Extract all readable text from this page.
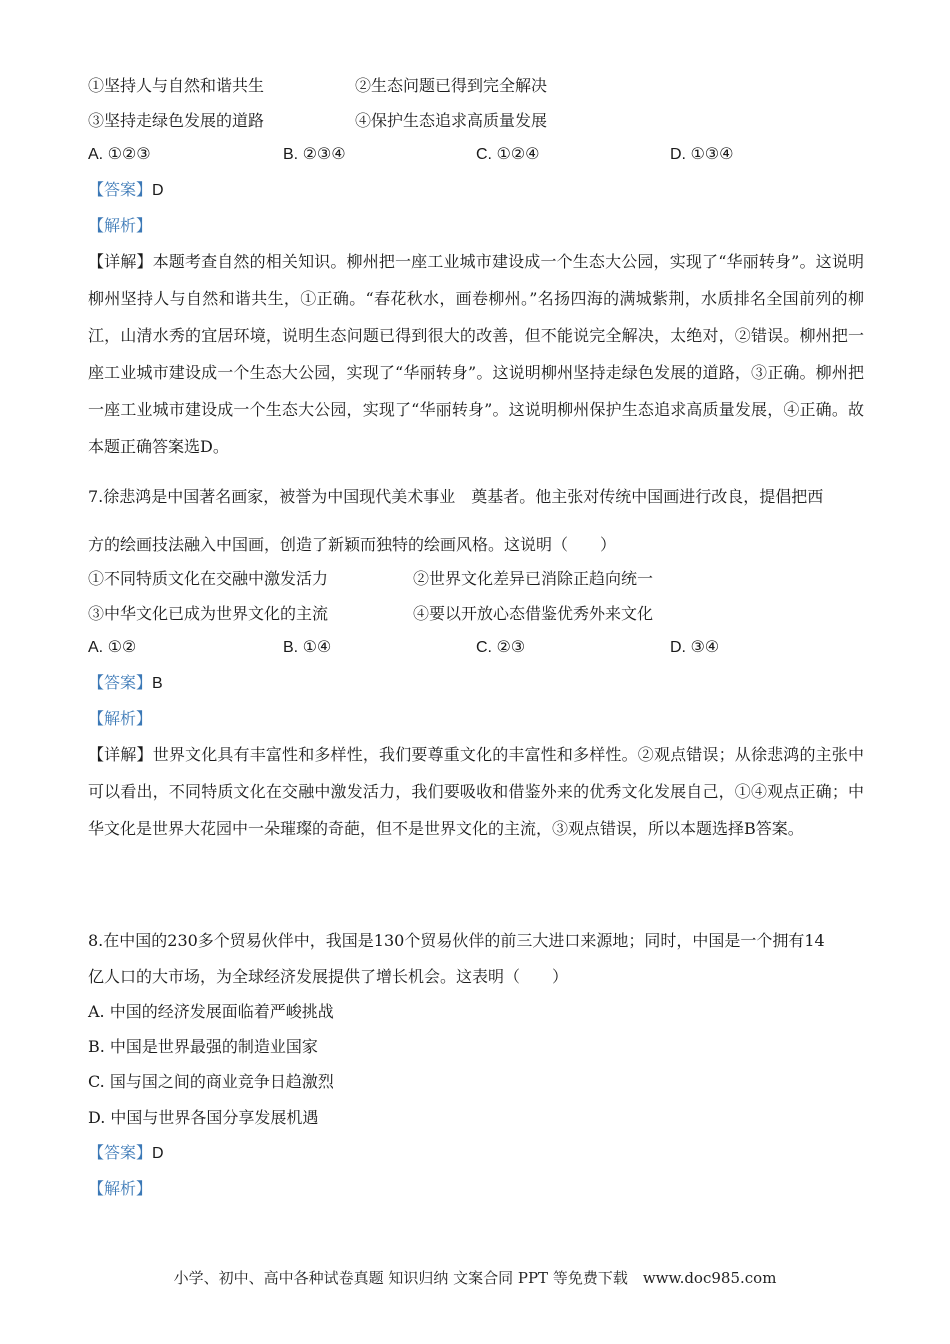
①坚持人与自然和谐共生	②生态问题已得到完全解决
③坚持走绿色发展的道路	④保护生态追求高质量发展
A. ①②③	B. ②③④	C. ①②④	D. ①③④
【答案】D
【解析】
【详解】本题考查自然的相关知识。柳州把一座工业城市建设成一个生态大公园，实现了“华丽转身”。这说明柳州坚持人与自然和谐共生，①正确。“春花秋水，画卷柳州。”名扬四海的满城紫荆，水质排名全国前列的柳江，山清水秀的宜居环境，说明生态问题已得到很大的改善，但不能说完全解决，太绝对，②错误。柳州把一座工业城市建设成一个生态大公园，实现了“华丽转身”。这说明柳州坚持走绿色发展的道路，③正确。柳州把一座工业城市建设成一个生态大公园，实现了“华丽转身”。这说明柳州保护生态追求高质量发展，④正确。故本题正确答案选D。
7.徐悲鸿是中国著名画家，被誉为中国现代美术事业　奠基者。他主张对传统中国画进行改良，提倡把西
方的绘画技法融入中国画，创造了新颖而独特的绘画风格。这说明（　　）
①不同特质文化在交融中激发活力	②世界文化差异已消除正趋向统一
③中华文化已成为世界文化的主流	④要以开放心态借鉴优秀外来文化
A. ①②	B. ①④	C. ②③	D. ③④
【答案】B
【解析】
【详解】世界文化具有丰富性和多样性，我们要尊重文化的丰富性和多样性。②观点错误；从徐悲鸿的主张中可以看出，不同特质文化在交融中激发活力，我们要吸收和借鉴外来的优秀文化发展自己，①④观点正确；中华文化是世界大花园中一朵璀璨的奇葩，但不是世界文化的主流，③观点错误，所以本题选择B答案。
8.在中国的230多个贸易伙伴中，我国是130个贸易伙伴的前三大进口来源地；同时，中国是一个拥有14
亿人口的大市场，为全球经济发展提供了增长机会。这表明（　　）
A. 中国的经济发展面临着严峻挑战
B. 中国是世界最强的制造业国家
C. 国与国之间的商业竞争日趋激烈
D. 中国与世界各国分享发展机遇
【答案】D
【解析】
小学、初中、高中各种试卷真题 知识归纳 文案合同 PPT 等免费下载　www.doc985.com
